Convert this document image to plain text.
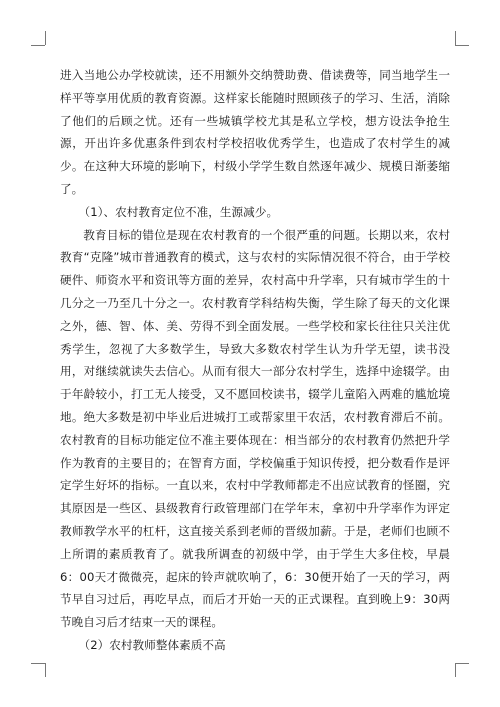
进入当地公办学校就读，还不用额外交纳赞助费、借读费等，同当地学生一样平等享用优质的教育资源。这样家长能随时照顾孩子的学习、生活，消除了他们的后顾之忧。还有一些城镇学校尤其是私立学校，想方设法争抢生源，开出许多优惠条件到农村学校招收优秀学生，也造成了农村学生的减少。在这种大环境的影响下，村级小学学生数自然逐年减少、规模日渐萎缩了。

（1）、农村教育定位不准，生源减少。

教育目标的错位是现在农村教育的一个很严重的问题。长期以来，农村教育“克隆”城市普通教育的模式，这与农村的实际情况很不符合，由于学校硬件、师资水平和资讯等方面的差异，农村高中升学率，只有城市学生的十几分之一乃至几十分之一。农村教育学科结构失衡，学生除了每天的文化课之外，德、智、体、美、劳得不到全面发展。一些学校和家长往往只关注优秀学生，忽视了大多数学生，导致大多数农村学生认为升学无望，读书没用，对继续就读失去信心。从而有很大一部分农村学生，选择中途辍学。由于年龄较小，打工无人接受，又不愿回校读书，辍学儿童陷入两难的尴尬境地。绝大多数是初中毕业后进城打工或帮家里干农活，农村教育滞后不前。农村教育的目标功能定位不准主要体现在：相当部分的农村教育仍然把升学作为教育的主要目的；在智育方面，学校偏重于知识传授，把分数看作是评定学生好坏的指标。一直以来，农村中学教师都走不出应试教育的怪圈，究其原因是一些区、县级教育行政管理部门在学年末，拿初中升学率作为评定教师教学水平的杠杆，这直接关系到老师的晋级加薪。于是，老师们也顾不上所谓的素质教育了。就我所调查的初级中学，由于学生大多住校，早晨6：00天才微微亮，起床的铃声就吹响了，6：30便开始了一天的学习，两节早自习过后，再吃早点，而后才开始一天的正式课程。直到晚上9：30两节晚自习后才结束一天的课程。

（2）农村教师整体素质不高
